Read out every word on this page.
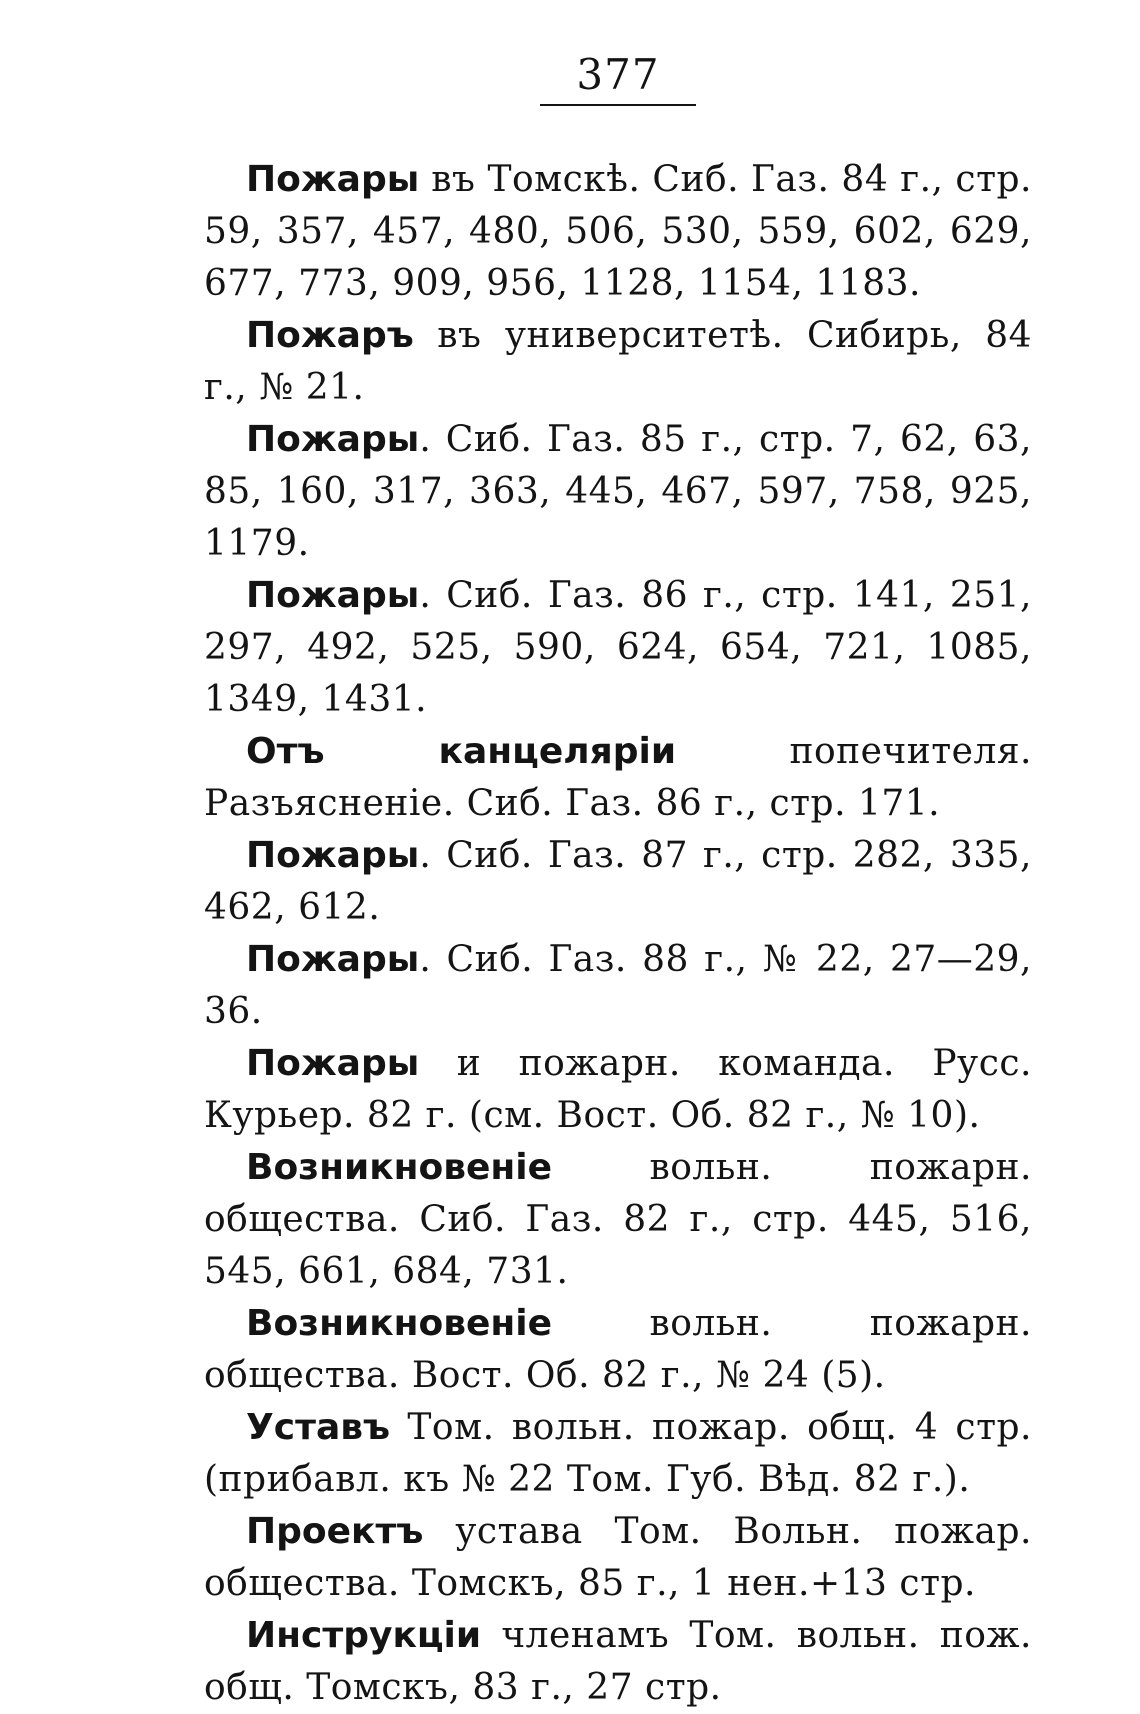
377

Пожары въ Томскѣ. Сиб. Газ. 84 г., стр. 59, 357, 457, 480, 506, 530, 559, 602, 629, 677, 773, 909, 956, 1128, 1154, 1183.

Пожаръ въ университетѣ. Сибирь, 84 г., № 21.

Пожары. Сиб. Газ. 85 г., стр. 7, 62, 63, 85, 160, 317, 363, 445, 467, 597, 758, 925, 1179.

Пожары. Сиб. Газ. 86 г., стр. 141, 251, 297, 492, 525, 590, 624, 654, 721, 1085, 1349, 1431.

Отъ канцеляріи попечителя. Разъясненіе. Сиб. Газ. 86 г., стр. 171.

Пожары. Сиб. Газ. 87 г., стр. 282, 335, 462, 612.

Пожары. Сиб. Газ. 88 г., № 22, 27—29, 36.

Пожары и пожарн. команда. Русс. Курьер. 82 г. (см. Вост. Об. 82 г., № 10).

Возникновеніе вольн. пожарн. общества. Сиб. Газ. 82 г., стр. 445, 516, 545, 661, 684, 731.

Возникновеніе вольн. пожарн. общества. Вост. Об. 82 г., № 24 (5).

Уставъ Том. вольн. пожар. общ. 4 стр. (прибавл. къ № 22 Том. Губ. Вѣд. 82 г.).

Проектъ устава Том. Вольн. пожар. общества. Томскъ, 85 г., 1 нен.+13 стр.

Инструкціи членамъ Том. вольн. пож. общ. Томскъ, 83 г., 27 стр.
